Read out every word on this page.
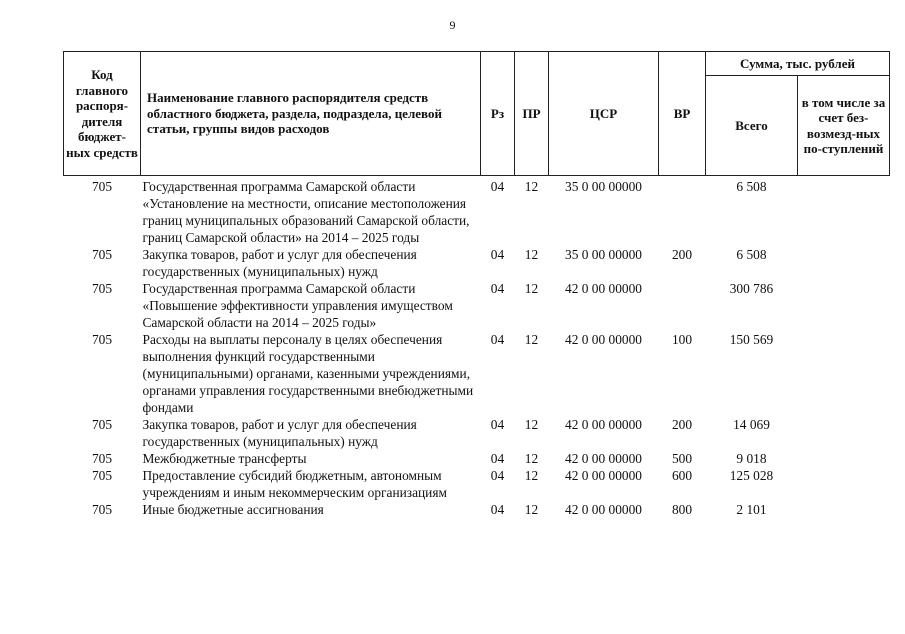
9
Код главного распоря-дителя бюджет-ных средств	Наименование главного распорядителя средств областного бюджета, раздела, подраздела, целевой статьи, группы видов расходов	Рз	ПР	ЦСР	ВР	Сумма, тыс. рублей	
						Всего	в том числе за счет без-возмезд-ных по-ступлений
705	Государственная программа Самарской области «Установление на местности, описание местоположения границ муниципальных образований Самарской области, границ Самарской области» на 2014 – 2025 годы	04	12	35 0 00 00000		6 508	
705	Закупка товаров, работ и услуг для обеспечения государственных (муниципальных) нужд	04	12	35 0 00 00000	200	6 508	
705	Государственная программа Самарской области «Повышение эффективности управления имуществом Самарской области на 2014 – 2025 годы»	04	12	42 0 00 00000		300 786	
705	Расходы на выплаты персоналу в целях обеспечения выполнения функций государственными (муниципальными) органами, казенными учреждениями, органами управления государственными внебюджетными фондами	04	12	42 0 00 00000	100	150 569	
705	Закупка товаров, работ и услуг для обеспечения государственных (муниципальных) нужд	04	12	42 0 00 00000	200	14 069	
705	Межбюджетные трансферты	04	12	42 0 00 00000	500	9 018	
705	Предоставление субсидий бюджетным, автономным учреждениям и иным некоммерческим организациям	04	12	42 0 00 00000	600	125 028	
705	Иные бюджетные ассигнования	04	12	42 0 00 00000	800	2 101	
